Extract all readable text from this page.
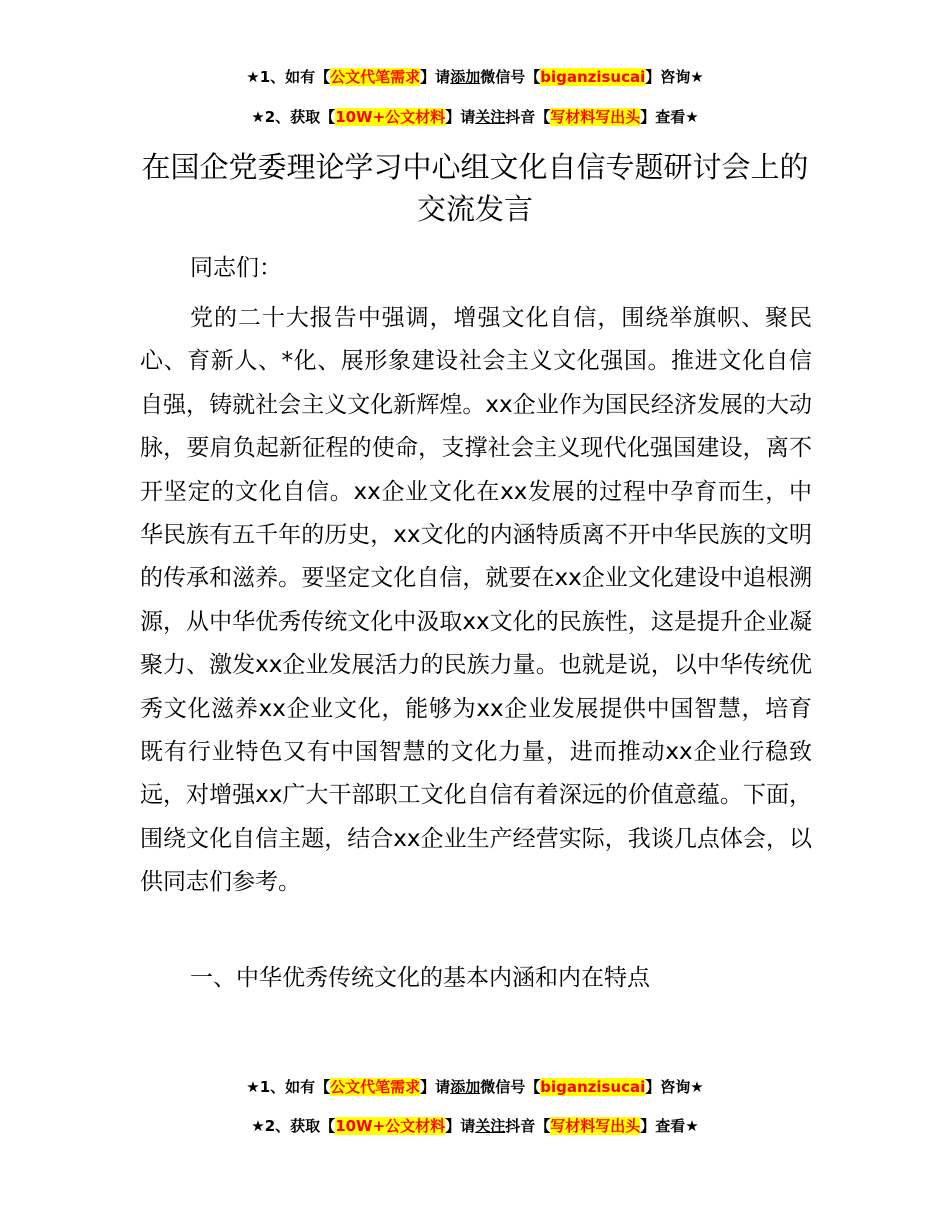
★1、如有【公文代笔需求】请添加微信号【biganzisucai】咨询★
★2、获取【10W+公文材料】请关注抖音【写材料写出头】查看★
在国企党委理论学习中心组文化自信专题研讨会上的交流发言

同志们：

党的二十大报告中强调，增强文化自信，围绕举旗帜、聚民心、育新人、*化、展形象建设社会主义文化强国。推进文化自信自强，铸就社会主义文化新辉煌。xx企业作为国民经济发展的大动脉，要肩负起新征程的使命，支撑社会主义现代化强国建设，离不开坚定的文化自信。xx企业文化在xx发展的过程中孕育而生，中华民族有五千年的历史，xx文化的内涵特质离不开中华民族的文明的传承和滋养。要坚定文化自信，就要在xx企业文化建设中追根溯源，从中华优秀传统文化中汲取xx文化的民族性，这是提升企业凝聚力、激发xx企业发展活力的民族力量。也就是说，以中华传统优秀文化滋养xx企业文化，能够为xx企业发展提供中国智慧，培育既有行业特色又有中国智慧的文化力量，进而推动xx企业行稳致远，对增强xx广大干部职工文化自信有着深远的价值意蕴。下面，围绕文化自信主题，结合xx企业生产经营实际，我谈几点体会，以供同志们参考。

一、中华优秀传统文化的基本内涵和内在特点

★1、如有【公文代笔需求】请添加微信号【biganzisucai】咨询★
★2、获取【10W+公文材料】请关注抖音【写材料写出头】查看★
